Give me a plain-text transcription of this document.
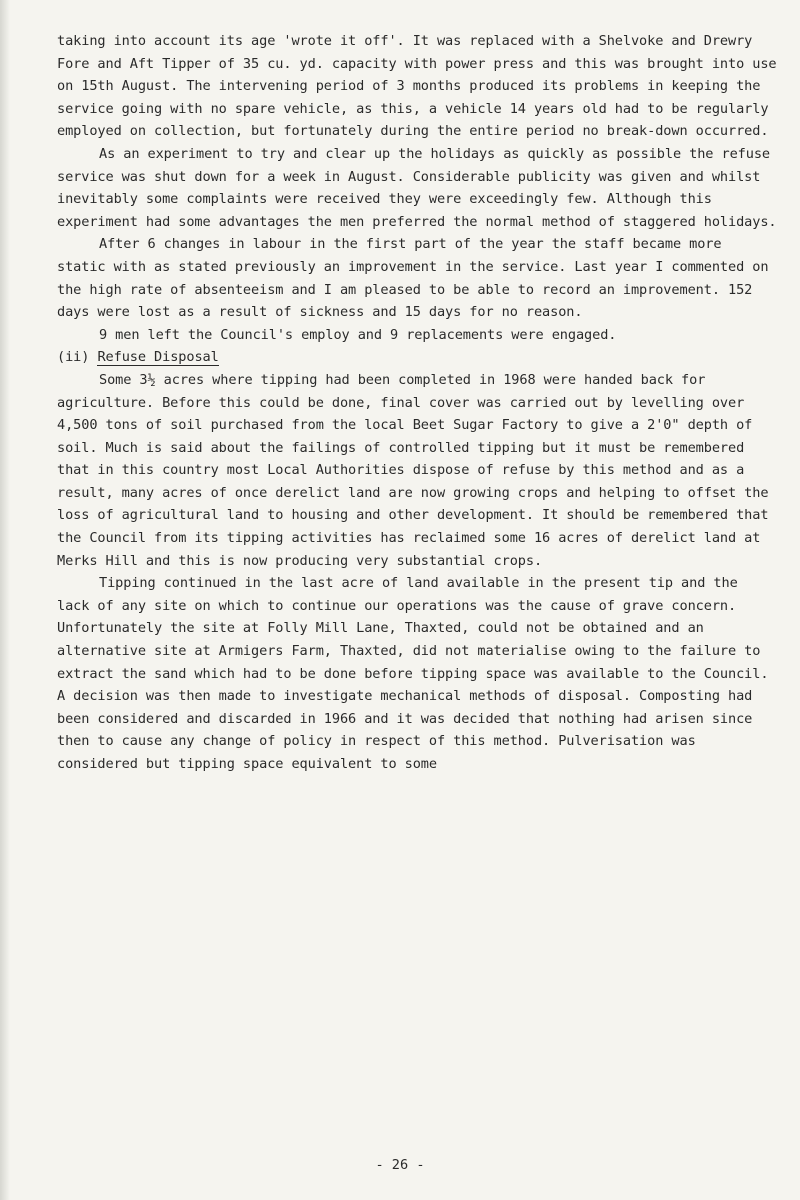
taking into account its age 'wrote it off'. It was replaced with a Shelvoke and Drewry Fore and Aft Tipper of 35 cu. yd. capacity with power press and this was brought into use on 15th August. The intervening period of 3 months produced its problems in keeping the service going with no spare vehicle, as this, a vehicle 14 years old had to be regularly employed on collection, but fortunately during the entire period no break-down occurred.

As an experiment to try and clear up the holidays as quickly as possible the refuse service was shut down for a week in August. Considerable publicity was given and whilst inevitably some complaints were received they were exceedingly few. Although this experiment had some advantages the men preferred the normal method of staggered holidays.

After 6 changes in labour in the first part of the year the staff became more static with as stated previously an improvement in the service. Last year I commented on the high rate of absenteeism and I am pleased to be able to record an improvement. 152 days were lost as a result of sickness and 15 days for no reason.

9 men left the Council's employ and 9 replacements were engaged.

(ii) Refuse Disposal

Some 3½ acres where tipping had been completed in 1968 were handed back for agriculture. Before this could be done, final cover was carried out by levelling over 4,500 tons of soil purchased from the local Beet Sugar Factory to give a 2'0" depth of soil. Much is said about the failings of controlled tipping but it must be remembered that in this country most Local Authorities dispose of refuse by this method and as a result, many acres of once derelict land are now growing crops and helping to offset the loss of agricultural land to housing and other development. It should be remembered that the Council from its tipping activities has reclaimed some 16 acres of derelict land at Merks Hill and this is now producing very substantial crops.

Tipping continued in the last acre of land available in the present tip and the lack of any site on which to continue our operations was the cause of grave concern. Unfortunately the site at Folly Mill Lane, Thaxted, could not be obtained and an alternative site at Armigers Farm, Thaxted, did not materialise owing to the failure to extract the sand which had to be done before tipping space was available to the Council. A decision was then made to investigate mechanical methods of disposal. Composting had been considered and discarded in 1966 and it was decided that nothing had arisen since then to cause any change of policy in respect of this method. Pulverisation was considered but tipping space equivalent to some

- 26 -
